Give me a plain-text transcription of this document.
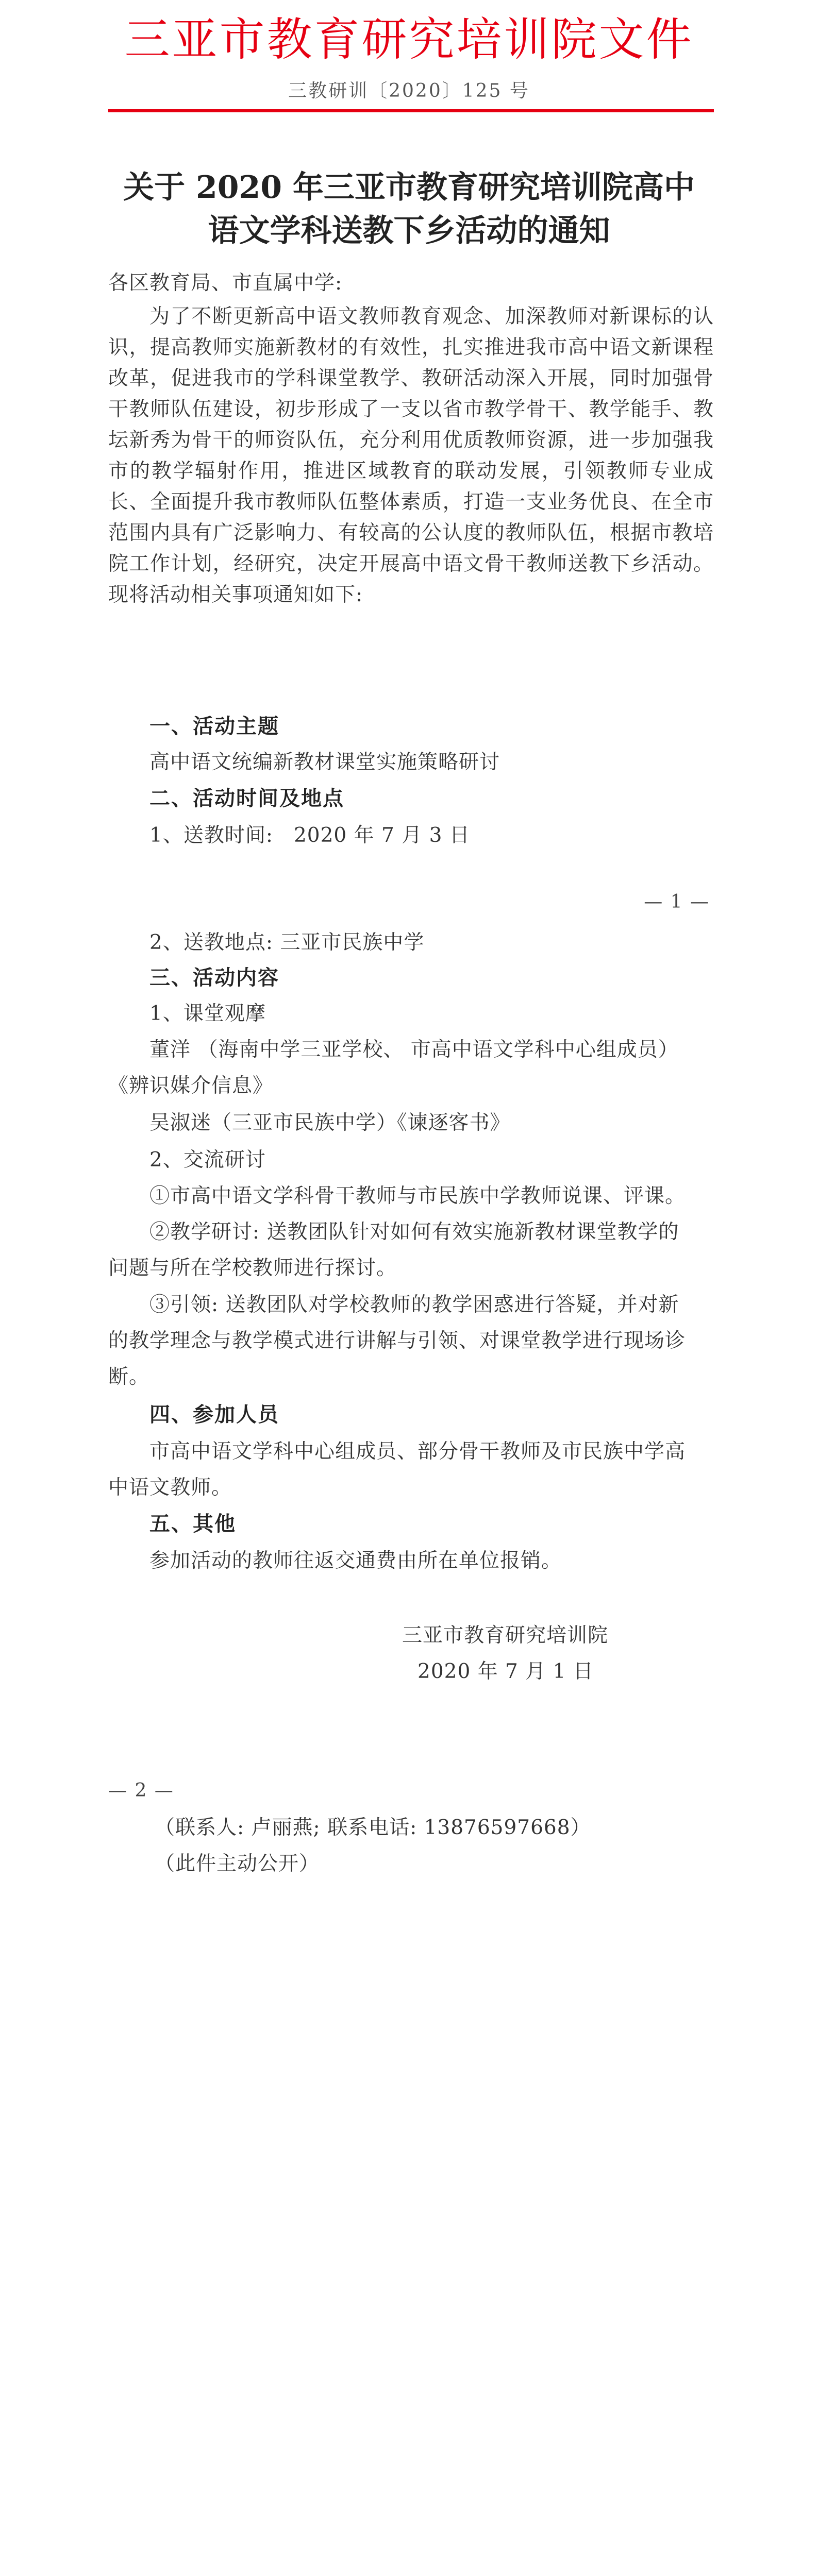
三亚市教育研究培训院文件
三教研训〔2020〕125 号
关于 2020 年三亚市教育研究培训院高中
语文学科送教下乡活动的通知
各区教育局、市直属中学:
为了不断更新高中语文教师教育观念、加深教师对新课标的认识，提高教师实施新教材的有效性，扎实推进我市高中语文新课程改革，促进我市的学科课堂教学、教研活动深入开展，同时加强骨干教师队伍建设，初步形成了一支以省市教学骨干、教学能手、教坛新秀为骨干的师资队伍，充分利用优质教师资源，进一步加强我市的教学辐射作用，推进区域教育的联动发展，引领教师专业成长、全面提升我市教师队伍整体素质，打造一支业务优良、在全市范围内具有广泛影响力、有较高的公认度的教师队伍，根据市教培院工作计划，经研究，决定开展高中语文骨干教师送教下乡活动。现将活动相关事项通知如下:
一、活动主题
高中语文统编新教材课堂实施策略研讨
二、活动时间及地点
1、送教时间:　2020 年 7 月 3 日
— 1 —
2、送教地点: 三亚市民族中学
三、活动内容
1、课堂观摩
董洋 （海南中学三亚学校、 市高中语文学科中心组成员）
《辨识媒介信息》
吴淑迷（三亚市民族中学）《谏逐客书》
2、交流研讨
①市高中语文学科骨干教师与市民族中学教师说课、评课。
②教学研讨: 送教团队针对如何有效实施新教材课堂教学的
问题与所在学校教师进行探讨。
③引领: 送教团队对学校教师的教学困惑进行答疑，并对新
的教学理念与教学模式进行讲解与引领、对课堂教学进行现场诊
断。
四、参加人员
市高中语文学科中心组成员、部分骨干教师及市民族中学高
中语文教师。
五、其他
参加活动的教师往返交通费由所在单位报销。
三亚市教育研究培训院
2020 年 7 月 1 日
— 2 —
（联系人: 卢丽燕; 联系电话: 13876597668）
（此件主动公开）
